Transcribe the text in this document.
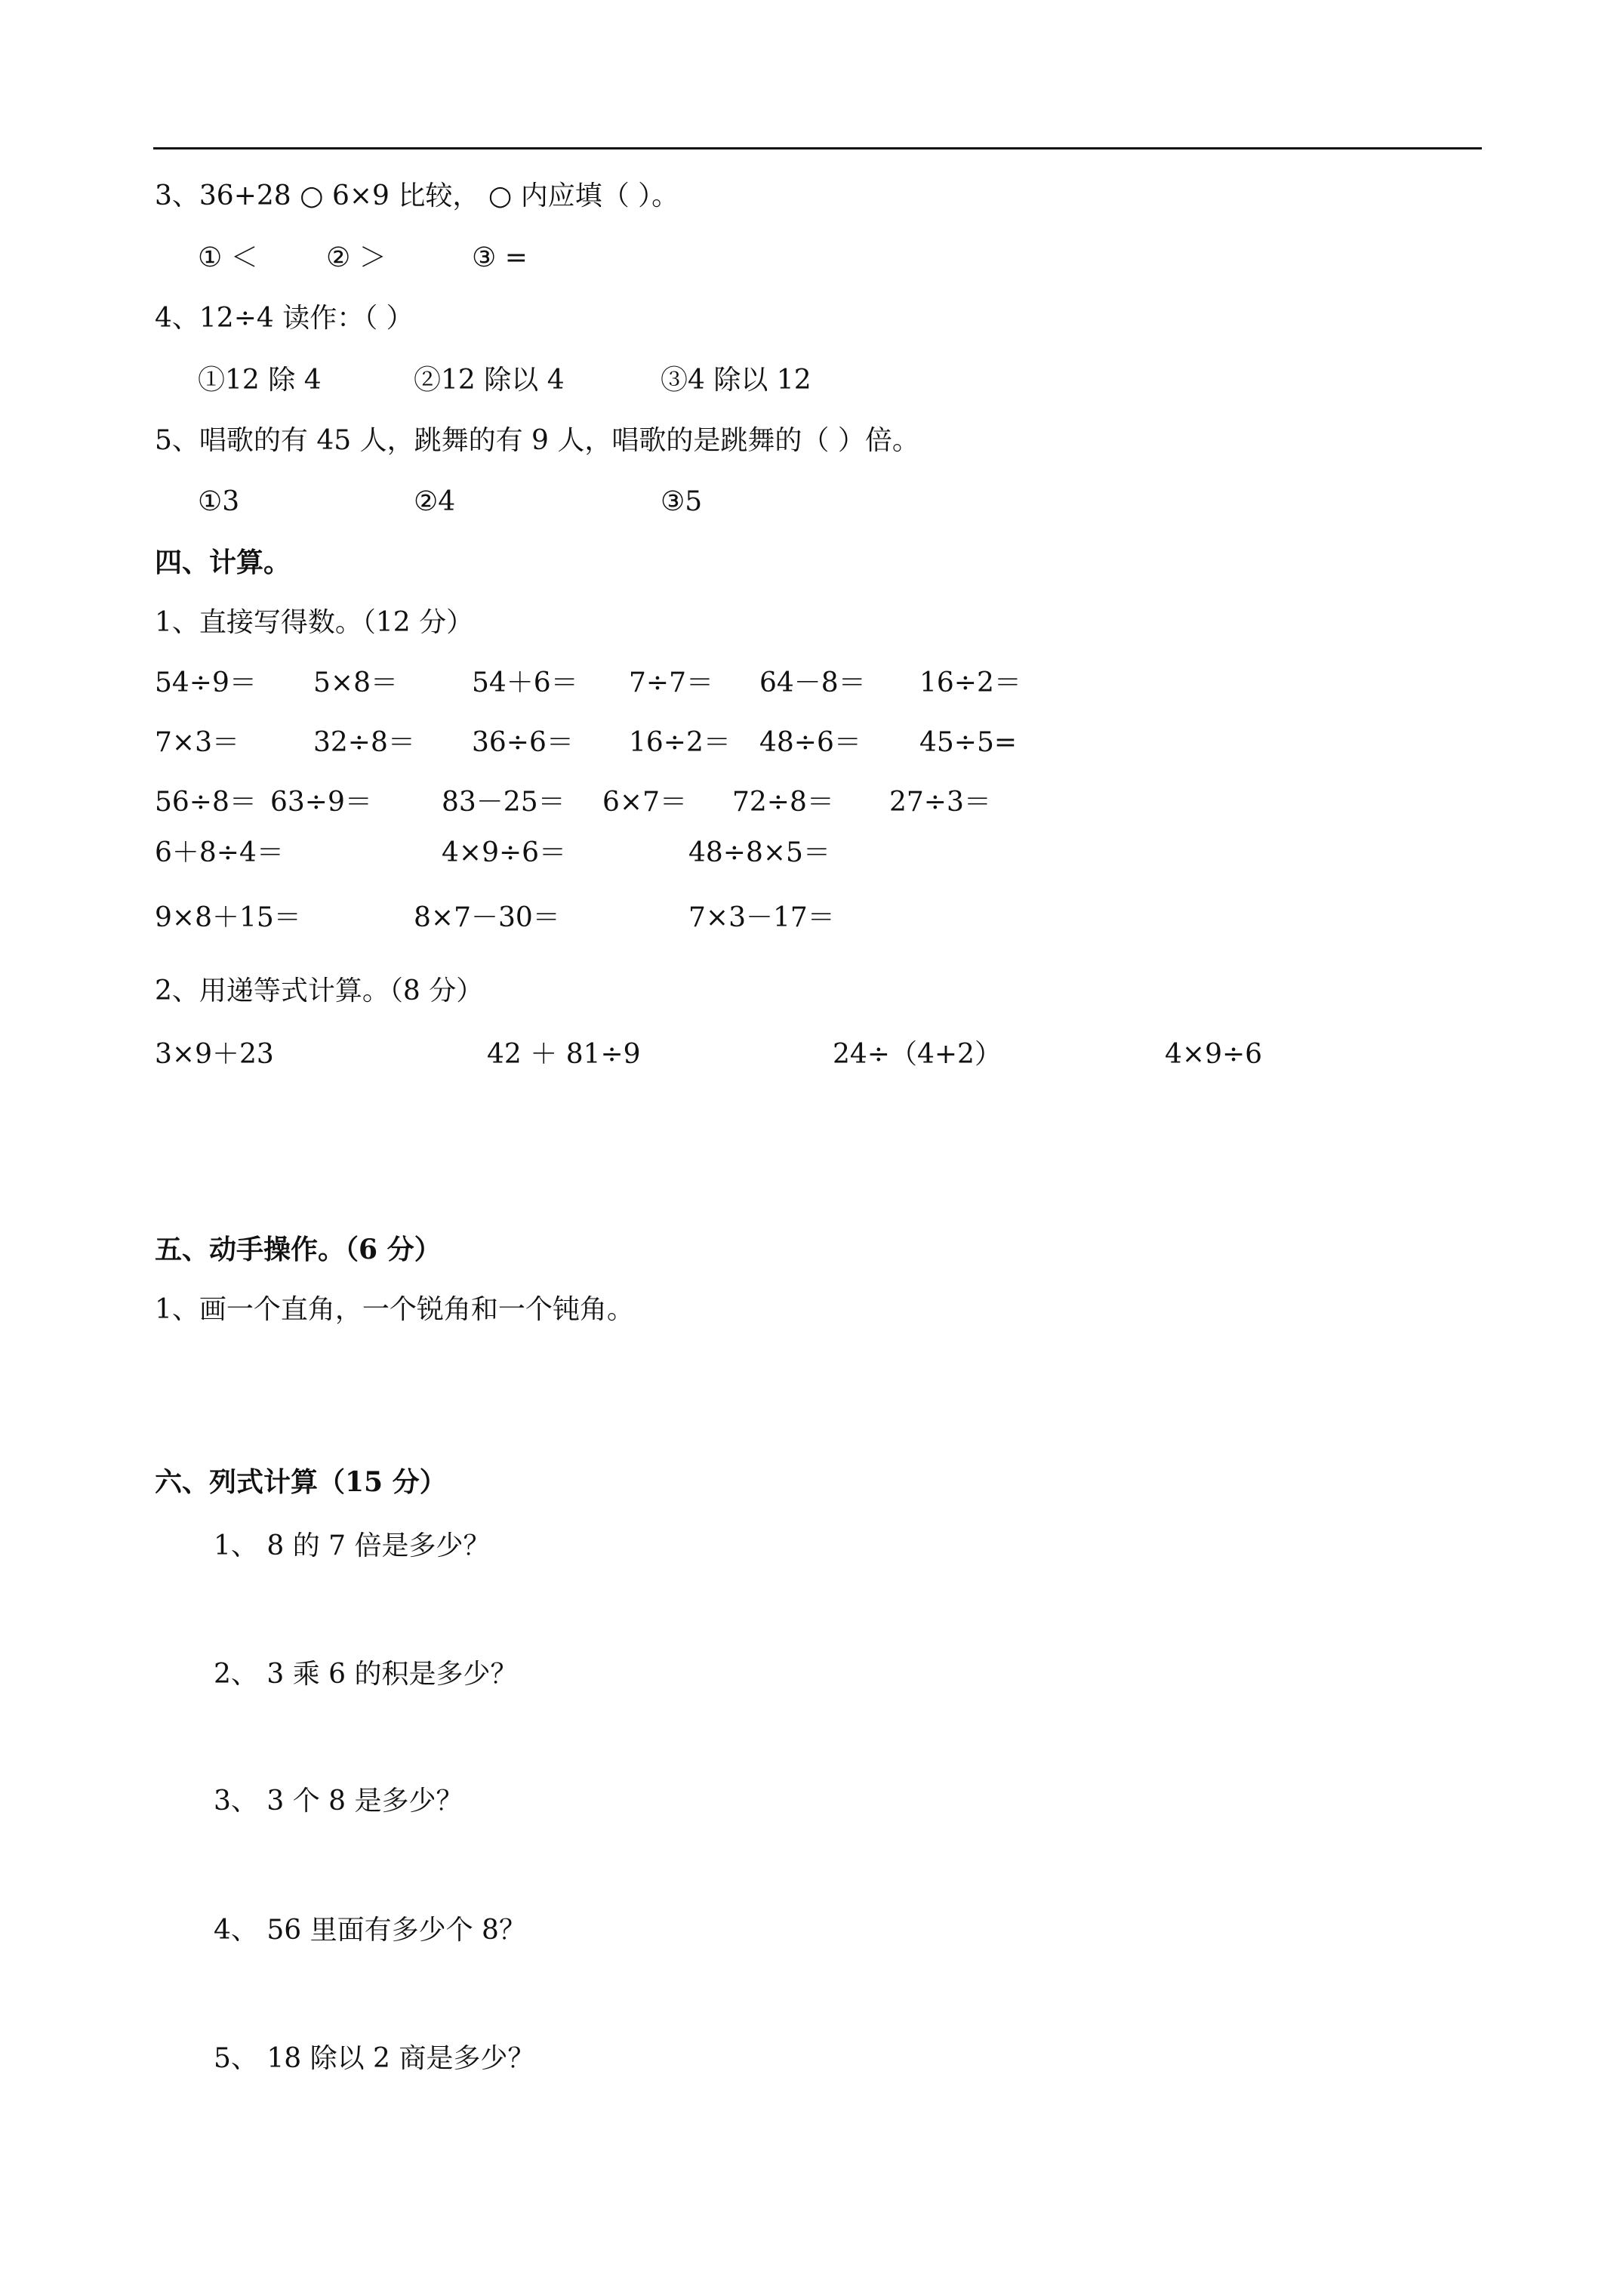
3、36+28 ○ 6×9 比较， ○ 内应填（ ）。
① ＜	② ＞	③ =
4、12÷4 读作：（ ）
①12 除 4	②12 除以 4	③4 除以 12
5、唱歌的有 45 人，跳舞的有 9 人，唱歌的是跳舞的（ ）倍。
①3	②4	③5
四、计算。
1、直接写得数。（12 分）
54÷9＝ 5×8＝	54＋6＝ 7÷7＝ 64－8＝ 16÷2＝
7×3＝	32÷8＝ 36÷6＝ 16÷2＝ 48÷6＝ 45÷5=
56÷8＝ 63÷9＝	83－25＝ 6×7＝ 72÷8＝ 27÷3＝
6＋8÷4＝	4×9÷6＝	48÷8×5＝
9×8＋15＝	8×7－30＝	7×3－17＝
2、用递等式计算。（8 分）
3×9＋23	42 ＋ 81÷9	24÷（4+2）	4×9÷6
五、动手操作。（6 分）
1、画一个直角，一个锐角和一个钝角。
六、列式计算（15 分）
1、 8 的 7 倍是多少？
2、 3 乘 6 的积是多少？
3、 3 个 8 是多少？
4、 56 里面有多少个 8？
5、 18 除以 2 商是多少？
